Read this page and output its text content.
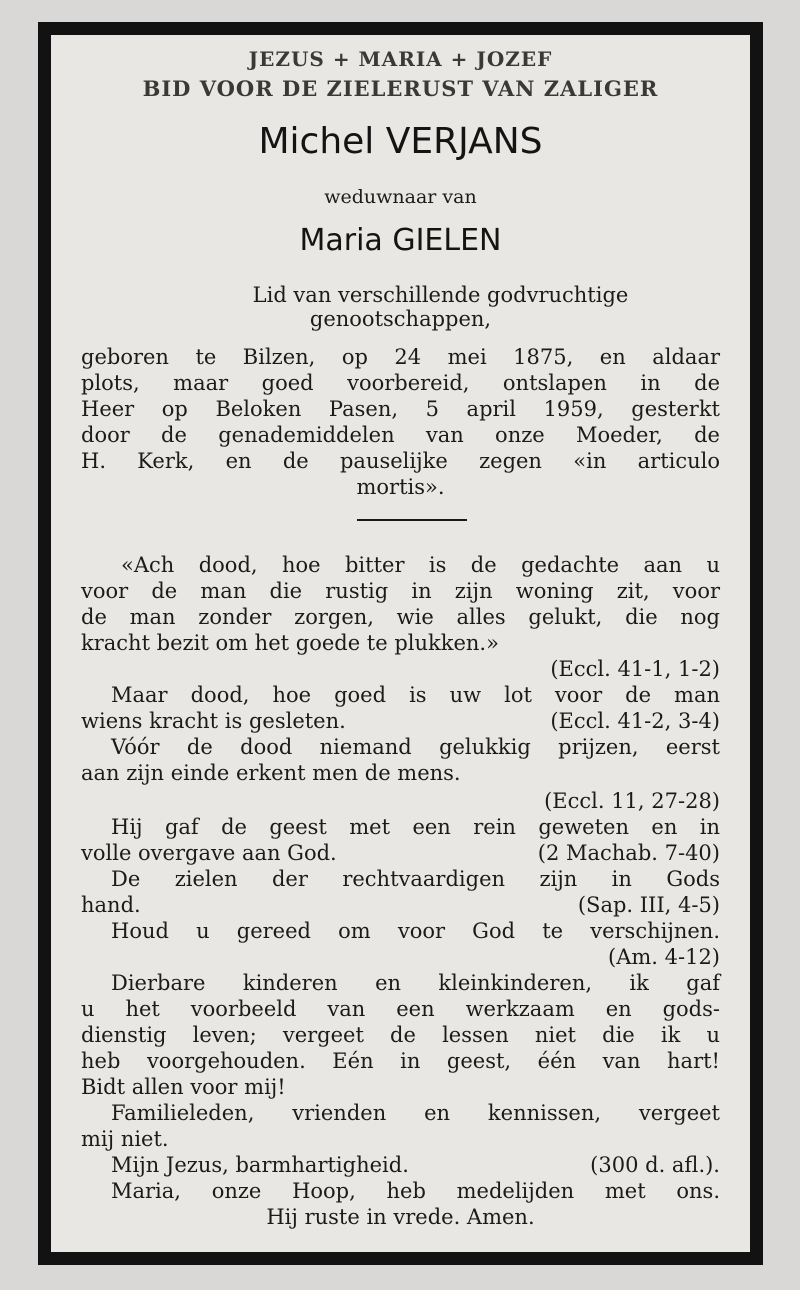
JEZUS + MARIA + JOZEF
BID VOOR DE ZIELERUST VAN ZALIGER
Michel VERJANS
weduwnaar van
Maria GIELEN
Lid van verschillende godvruchtige
genootschappen,
geboren te Bilzen, op 24 mei 1875, en aldaar
plots, maar goed voorbereid, ontslapen in de
Heer op Beloken Pasen, 5 april 1959, gesterkt
door de genademiddelen van onze Moeder, de
H. Kerk, en de pauselijke zegen «in articulo
mortis».
«Ach dood, hoe bitter is de gedachte aan u
voor de man die rustig in zijn woning zit, voor
de man zonder zorgen, wie alles gelukt, die nog
kracht bezit om het goede te plukken.»
(Eccl. 41-1, 1-2)
Maar dood, hoe goed is uw lot voor de man
wiens kracht is gesleten.	(Eccl. 41-2, 3-4)
Vóór de dood niemand gelukkig prijzen, eerst
aan zijn einde erkent men de mens.
(Eccl. 11, 27-28)
Hij gaf de geest met een rein geweten en in
volle overgave aan God.	(2 Machab. 7-40)
De zielen der rechtvaardigen zijn in Gods
hand.	(Sap. III, 4-5)
Houd u gereed om voor God te verschijnen.
(Am. 4-12)
Dierbare kinderen en kleinkinderen, ik gaf
u het voorbeeld van een werkzaam en gods-
dienstig leven; vergeet de lessen niet die ik u
heb voorgehouden. Eén in geest, één van hart!
Bidt allen voor mij!
Familieleden, vrienden en kennissen, vergeet
mij niet.
Mijn Jezus, barmhartigheid.	(300 d. afl.).
Maria, onze Hoop, heb medelijden met ons.
Hij ruste in vrede. Amen.
